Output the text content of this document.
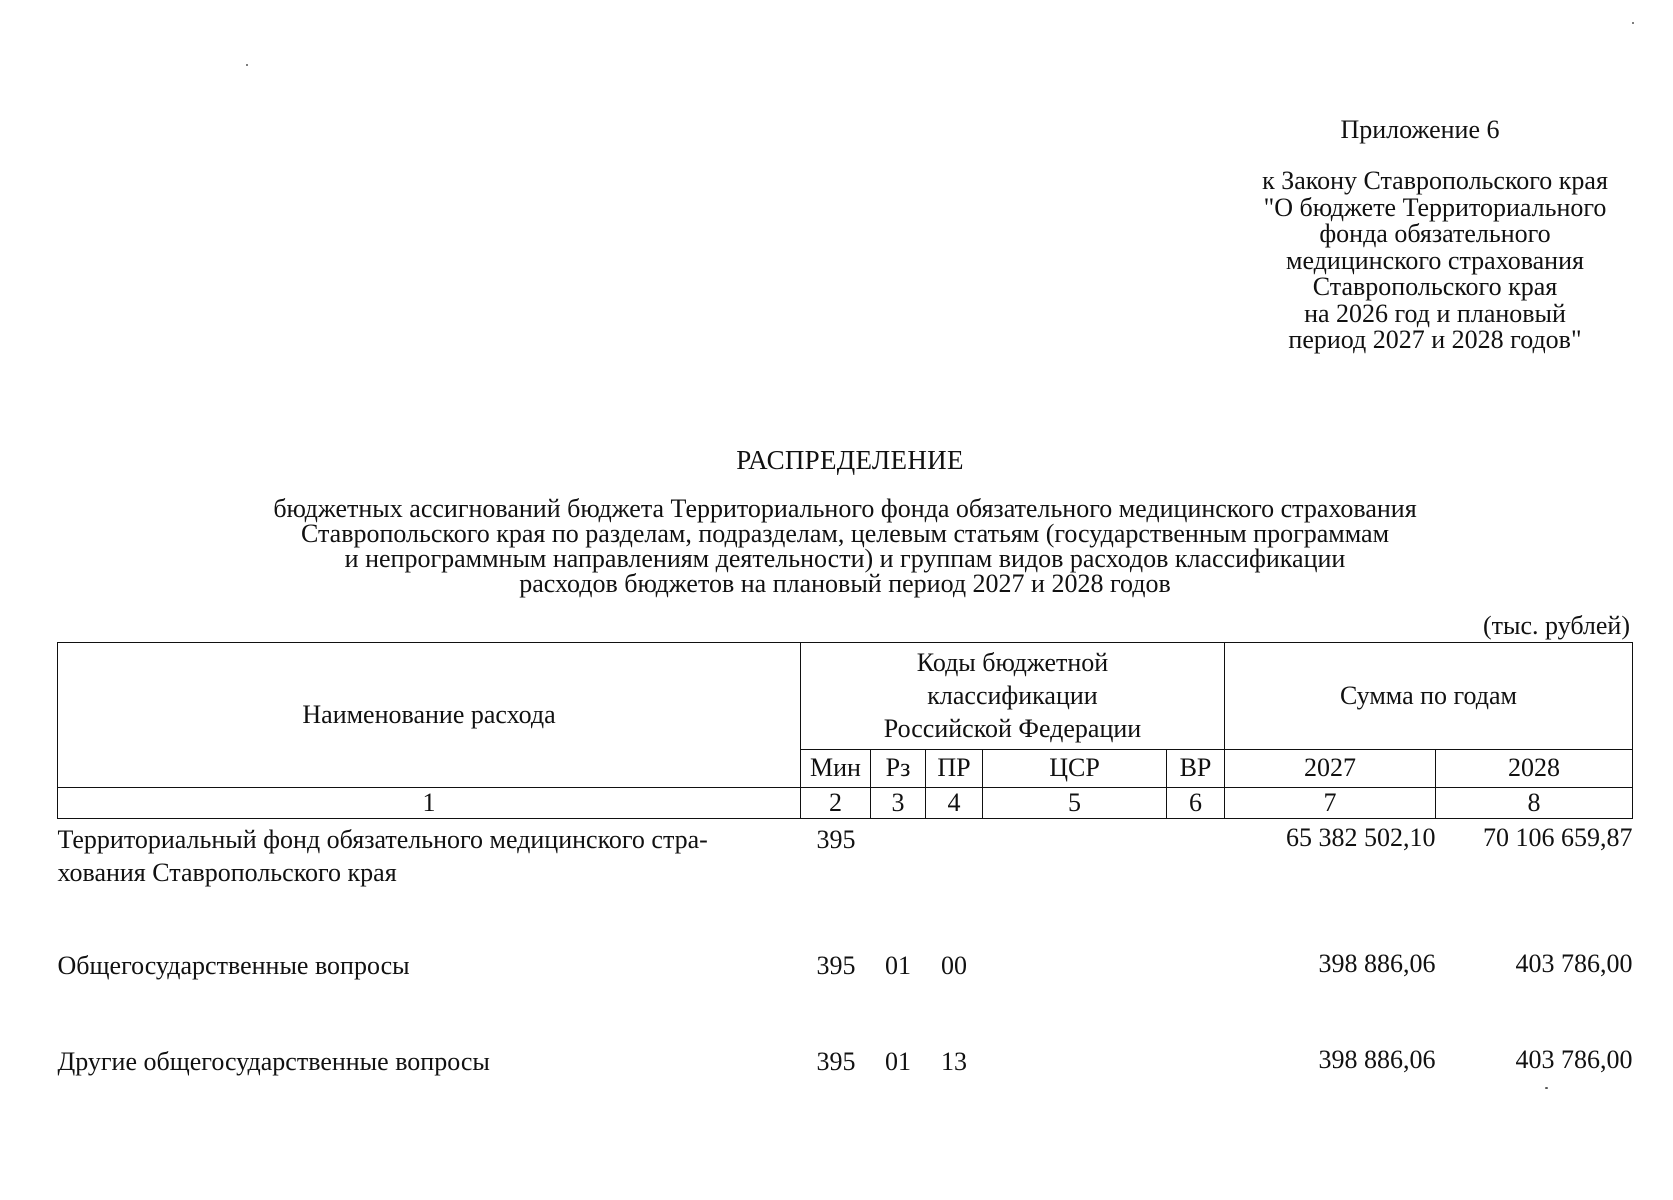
Приложение 6
к Закону Ставропольского края
"О бюджете Территориального
фонда обязательного
медицинского страхования
Ставропольского края
на 2026 год и плановый
период 2027 и 2028 годов"
РАСПРЕДЕЛЕНИЕ
бюджетных ассигнований бюджета Территориального фонда обязательного медицинского страхования
Ставропольского края по разделам, подразделам, целевым статьям (государственным программам
и непрограммным направлениям деятельности) и группам видов расходов классификации
расходов бюджетов на плановый период 2027 и 2028 годов
(тыс. рублей)
Наименование расхода	Коды бюджетной
классификации
Российской Федерации					Сумма по годам	
	Мин	Рз	ПР	ЦСР	ВР	2027	2028
1	2	3	4	5	6	7	8

Территориальный фонд обязательного медицинского стра-
хования Ставропольского края	395					65 382 502,10	70 106 659,87

Общегосударственные вопросы	395	01	00			398 886,06	403 786,00

Другие общегосударственные вопросы	395	01	13			398 886,06	403 786,00
